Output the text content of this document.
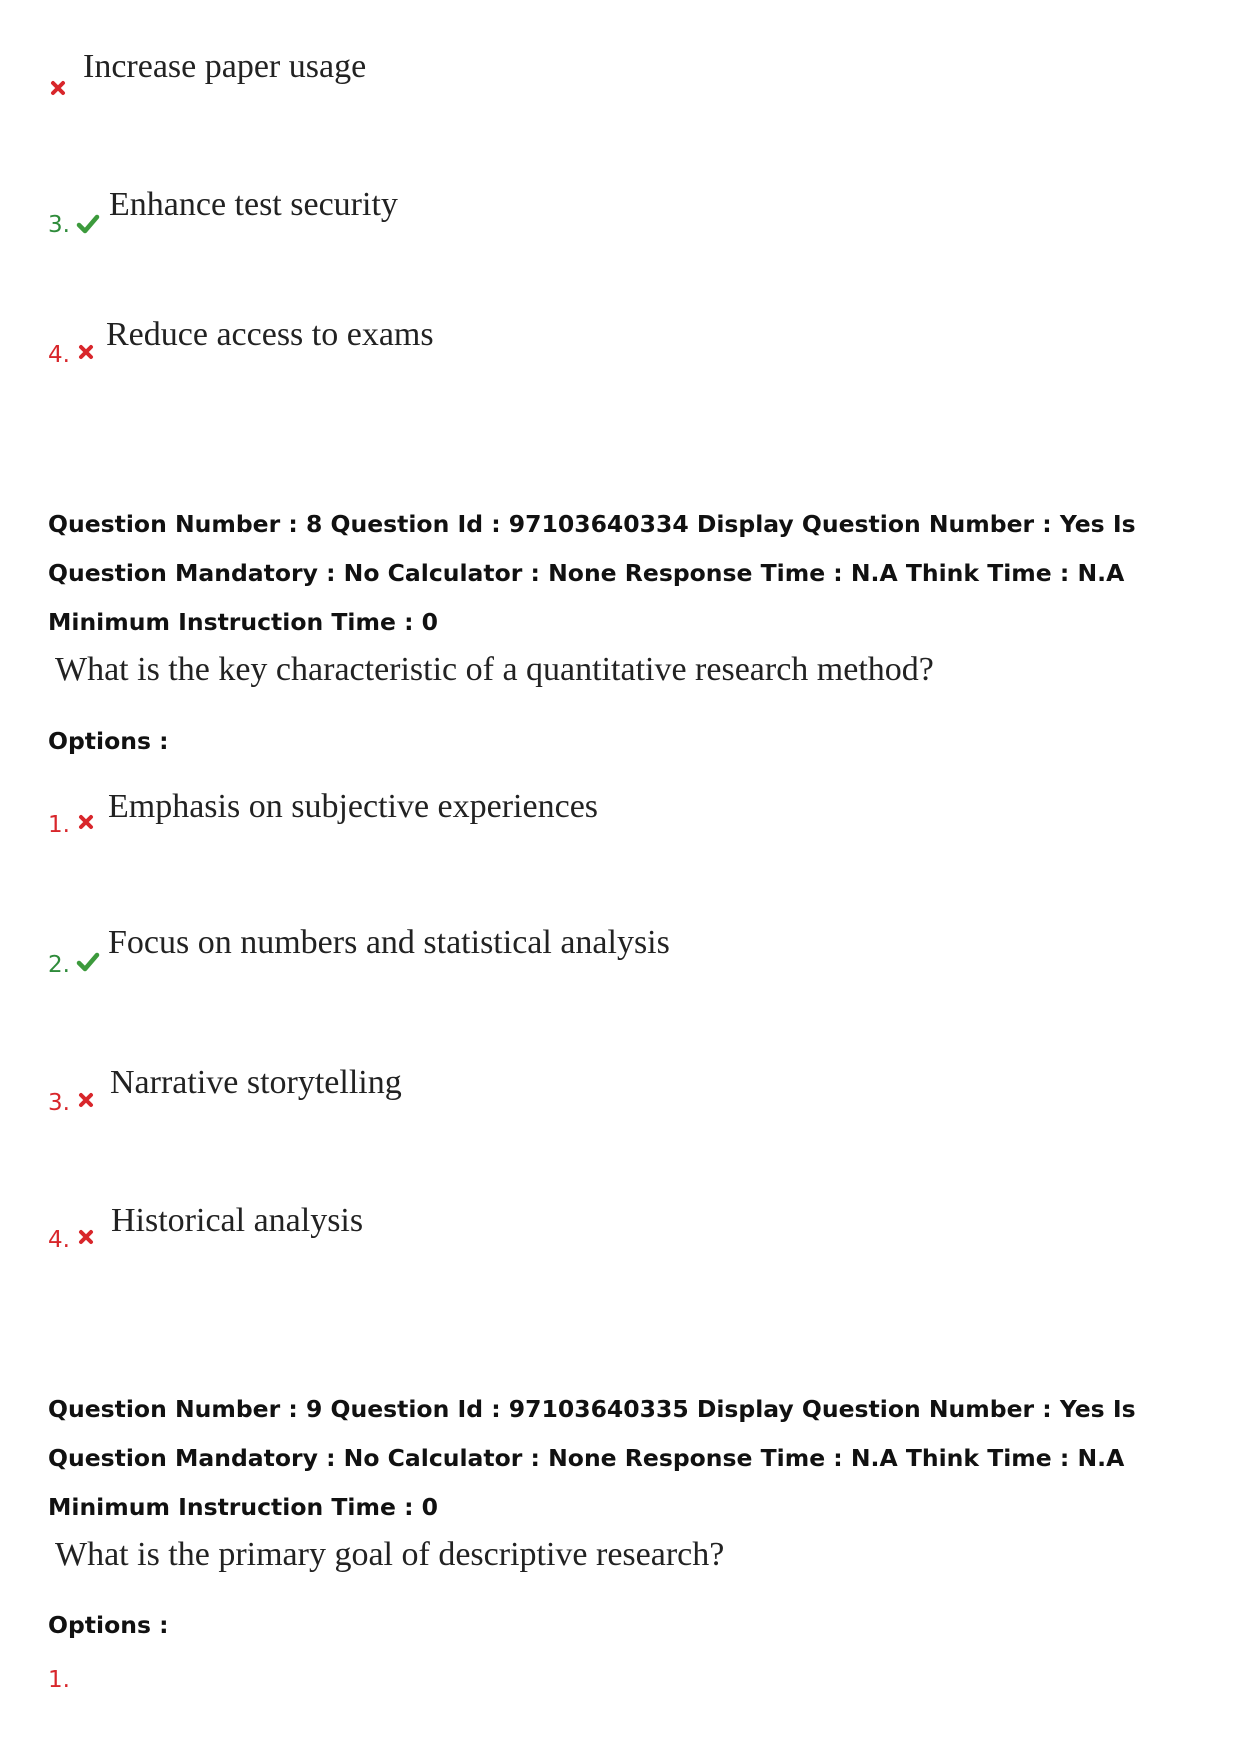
Increase paper usage
3.
Enhance test security
4.
Reduce access to exams
Question Number : 8 Question Id : 97103640334 Display Question Number : Yes Is Question Mandatory : No Calculator : None Response Time : N.A Think Time : N.A Minimum Instruction Time : 0
What is the key characteristic of a quantitative research method?
Options :
1. Emphasis on subjective experiences
2.
Focus on numbers and statistical analysis
3.
Narrative storytelling
4.
Historical analysis
Question Number : 9 Question Id : 97103640335 Display Question Number : Yes Is Question Mandatory : No Calculator : None Response Time : N.A Think Time : N.A Minimum Instruction Time : 0
What is the primary goal of descriptive research?
Options :
1.
